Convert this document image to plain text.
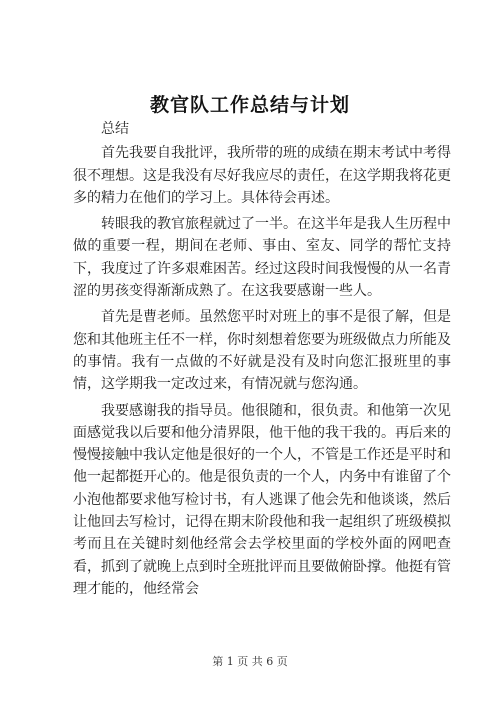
教官队工作总结与计划

总结

首先我要自我批评，我所带的班的成绩在期末考试中考得很不理想。这是我没有尽好我应尽的责任，在这学期我将花更多的精力在他们的学习上。具体待会再述。

转眼我的教官旅程就过了一半。在这半年是我人生历程中做的重要一程，期间在老师、事由、室友、同学的帮忙支持下，我度过了许多艰难困苦。经过这段时间我慢慢的从一名青涩的男孩变得渐渐成熟了。在这我要感谢一些人。

首先是曹老师。虽然您平时对班上的事不是很了解，但是您和其他班主任不一样，你时刻想着您要为班级做点力所能及的事情。我有一点做的不好就是没有及时向您汇报班里的事情，这学期我一定改过来，有情况就与您沟通。

我要感谢我的指导员。他很随和，很负责。和他第一次见面感觉我以后要和他分清界限，他干他的我干我的。再后来的慢慢接触中我认定他是很好的一个人，不管是工作还是平时和他一起都挺开心的。他是很负责的一个人，内务中有谁留了个小泡他都要求他写检讨书，有人逃课了他会先和他谈谈，然后让他回去写检讨，记得在期末阶段他和我一起组织了班级模拟考而且在关键时刻他经常会去学校里面的学校外面的网吧查看，抓到了就晚上点到时全班批评而且要做俯卧撑。他挺有管理才能的，他经常会

第 1 页 共 6 页
